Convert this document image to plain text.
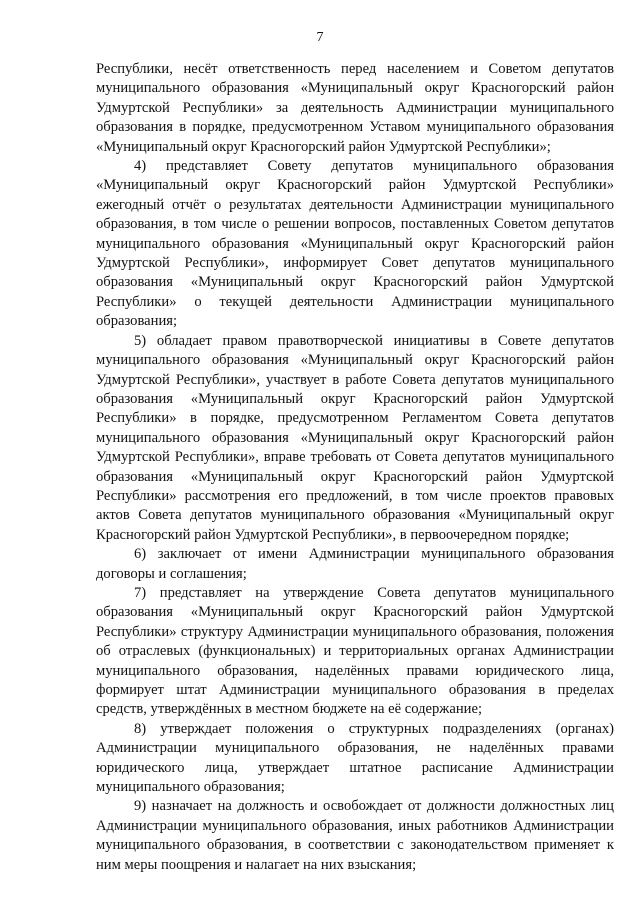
7

Республики, несёт ответственность перед населением и Советом депутатов муниципального образования «Муниципальный округ Красногорский район Удмуртской Республики» за деятельность Администрации муниципального образования в порядке, предусмотренном Уставом муниципального образования «Муниципальный округ Красногорский район Удмуртской Республики»;

4) представляет Совету депутатов муниципального образования «Муниципальный округ Красногорский район Удмуртской Республики» ежегодный отчёт о результатах деятельности Администрации муниципального образования, в том числе о решении вопросов, поставленных Советом депутатов муниципального образования «Муниципальный округ Красногорский район Удмуртской Республики», информирует Совет депутатов муниципального образования «Муниципальный округ Красногорский район Удмуртской Республики» о текущей деятельности Администрации муниципального образования;

5) обладает правом правотворческой инициативы в Совете депутатов муниципального образования «Муниципальный округ Красногорский район Удмуртской Республики», участвует в работе Совета депутатов муниципального образования «Муниципальный округ Красногорский район Удмуртской Республики» в порядке, предусмотренном Регламентом Совета депутатов муниципального образования «Муниципальный округ Красногорский район Удмуртской Республики», вправе требовать от Совета депутатов муниципального образования «Муниципальный округ Красногорский район Удмуртской Республики» рассмотрения его предложений, в том числе проектов правовых актов Совета депутатов муниципального образования «Муниципальный округ Красногорский район Удмуртской Республики», в первоочередном порядке;

6) заключает от имени Администрации муниципального образования договоры и соглашения;

7) представляет на утверждение Совета депутатов муниципального образования «Муниципальный округ Красногорский район Удмуртской Республики» структуру Администрации муниципального образования, положения об отраслевых (функциональных) и территориальных органах Администрации муниципального образования, наделённых правами юридического лица, формирует штат Администрации муниципального образования в пределах средств, утверждённых в местном бюджете на её содержание;

8) утверждает положения о структурных подразделениях (органах) Администрации муниципального образования, не наделённых правами юридического лица, утверждает штатное расписание Администрации муниципального образования;

9) назначает на должность и освобождает от должности должностных лиц Администрации муниципального образования, иных работников Администрации муниципального образования, в соответствии с законодательством применяет к ним меры поощрения и налагает на них взыскания;
